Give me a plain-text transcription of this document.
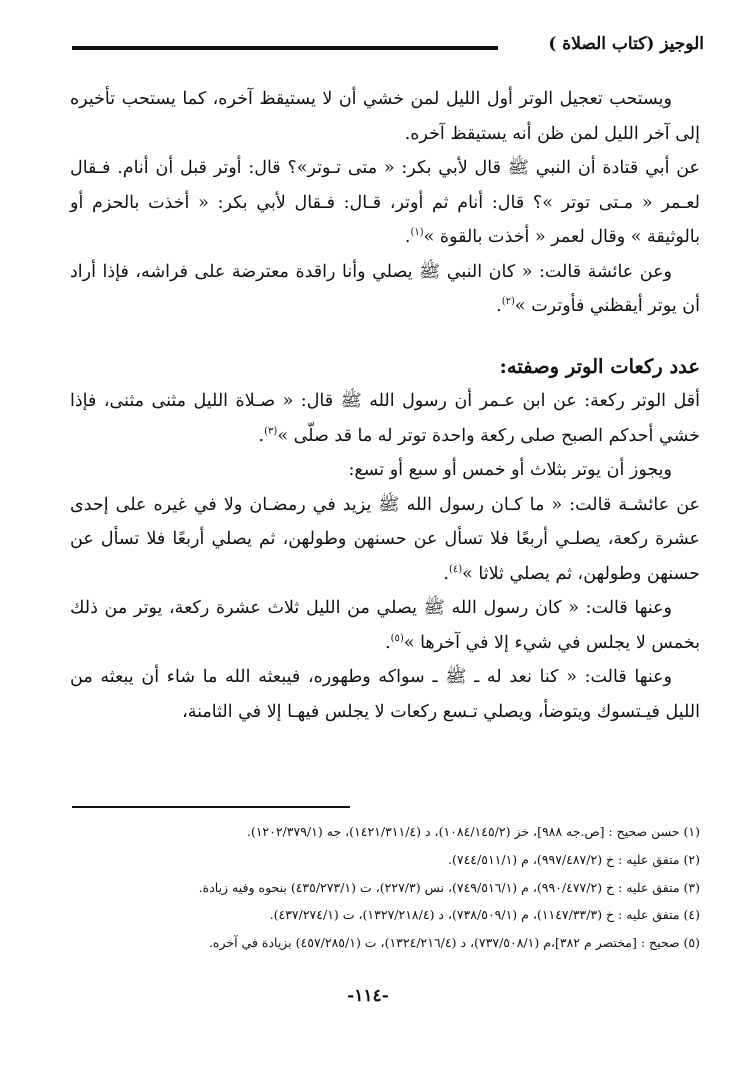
الوجيز (كتاب الصلاة )

ويستحب تعجيل الوتر أول الليل لمن خشي أن لا يستيقظ آخره، كما يستحب تأخيره إلى آخر الليل لمن ظن أنه يستيقظ آخره.

عن أبي قتادة أن النبي ﷺ قال لأبي بكر: « متى تـوتر»؟ قال: أوتر قبل أن أنام. فـقال لعـمر « مـتى توتر »؟ قال: أنام ثم أوتر، قـال: فـقال لأبي بكر: « أخذت بالحزم أو بالوثيقة » وقال لعمر « أخذت بالقوة »$^{(١)}$.

وعن عائشة قالت: « كان النبي ﷺ يصلي وأنا راقدة معترضة على فراشه، فإذا أراد أن يوتر أيقظني فأوترت »$^{(٢)}$.

عدد ركعات الوتر وصفته:

أقل الوتر ركعة: عن ابن عـمر أن رسول الله ﷺ قال: « صـلاة الليل مثنى مثنى، فإذا خشي أحدكم الصبح صلى ركعة واحدة توتر له ما قد صلّى »$^{(٣)}$.

ويجوز أن يوتر بثلاث أو خمس أو سبع أو تسع:

عن عائشـة قالت: « ما كـان رسول الله ﷺ يزيد في رمضـان ولا في غيره على إحدى عشرة ركعة، يصلـي أربعًا فلا تسأل عن حسنهن وطولهن، ثم يصلي أربعًا فلا تسأل عن حسنهن وطولهن، ثم يصلي ثلاثا »$^{(٤)}$.

وعنها قالت: « كان رسول الله ﷺ يصلي من الليل ثلاث عشرة ركعة، يوتر من ذلك بخمس لا يجلس في شيء إلا في آخرها »$^{(٥)}$.

وعنها قالت: « كنا نعد له ـ ﷺ ـ سواكه وطهوره، فيبعثه الله ما شاء أن يبعثه من الليل فيـتسوك ويتوضأ، ويصلي تـسع ركعات لا يجلس فيهـا إلا في الثامنة،

(١) حسن صحيح : [ص.جه ٩٨٨]، خز (١٠٨٤/١٤٥/٢)، د (١٤٢١/٣١١/٤)، جه (١٢٠٢/٣٧٩/١).

(٢) متفق عليه : خ (٩٩٧/٤٨٧/٢)، م (٧٤٤/٥١١/١).

(٣) متفق عليه : خ (٩٩٠/٤٧٧/٢)، م (٧٤٩/٥١٦/١)، نس (٢٢٧/٣)، ت (٤٣٥/٢٧٣/١) بنحوه وفيه زيادة.

(٤) متفق عليه : خ (١١٤٧/٣٣/٣)، م (٧٣٨/٥٠٩/١)، د (١٣٢٧/٢١٨/٤)، ت (٤٣٧/٢٧٤/١).

(٥) صحيح : [مختصر م ٣٨٢]،م (٧٣٧/٥٠٨/١)، د (١٣٢٤/٢١٦/٤)، ت (٤٥٧/٢٨٥/١) بزيادة في آخره.

-١١٤-
